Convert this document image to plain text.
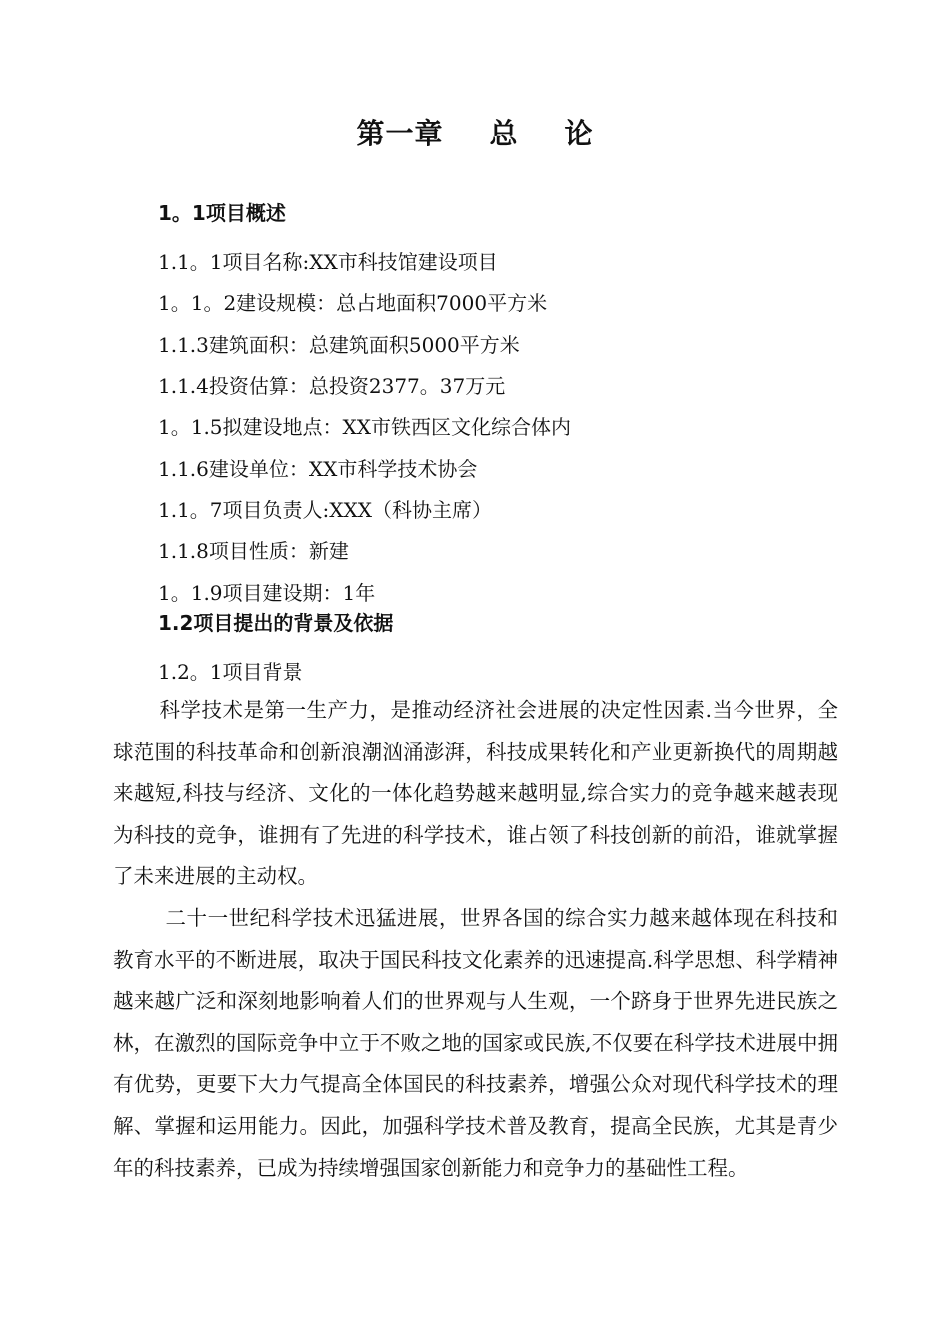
第一章 总 论
1。1项目概述

1.1。1项目名称:XX市科技馆建设项目

1。1。2建设规模：总占地面积7000平方米

1.1.3建筑面积：总建筑面积5000平方米

1.1.4投资估算：总投资2377。37万元

1。1.5拟建设地点：XX市铁西区文化综合体内

1.1.6建设单位：XX市科学技术协会

1.1。7项目负责人:XXX（科协主席）

1.1.8项目性质：新建

1。1.9项目建设期：1年

1.2项目提出的背景及依据

1.2。1项目背景

科学技术是第一生产力，是推动经济社会进展的决定性因素.当今世界，全球范围的科技革命和创新浪潮汹涌澎湃，科技成果转化和产业更新换代的周期越来越短,科技与经济、文化的一体化趋势越来越明显,综合实力的竞争越来越表现为科技的竞争，谁拥有了先进的科学技术，谁占领了科技创新的前沿，谁就掌握了未来进展的主动权。

二十一世纪科学技术迅猛进展，世界各国的综合实力越来越体现在科技和教育水平的不断进展，取决于国民科技文化素养的迅速提高.科学思想、科学精神越来越广泛和深刻地影响着人们的世界观与人生观，一个跻身于世界先进民族之林，在激烈的国际竞争中立于不败之地的国家或民族,不仅要在科学技术进展中拥有优势，更要下大力气提高全体国民的科技素养，增强公众对现代科学技术的理解、掌握和运用能力。因此，加强科学技术普及教育，提高全民族，尤其是青少年的科技素养，已成为持续增强国家创新能力和竞争力的基础性工程。
